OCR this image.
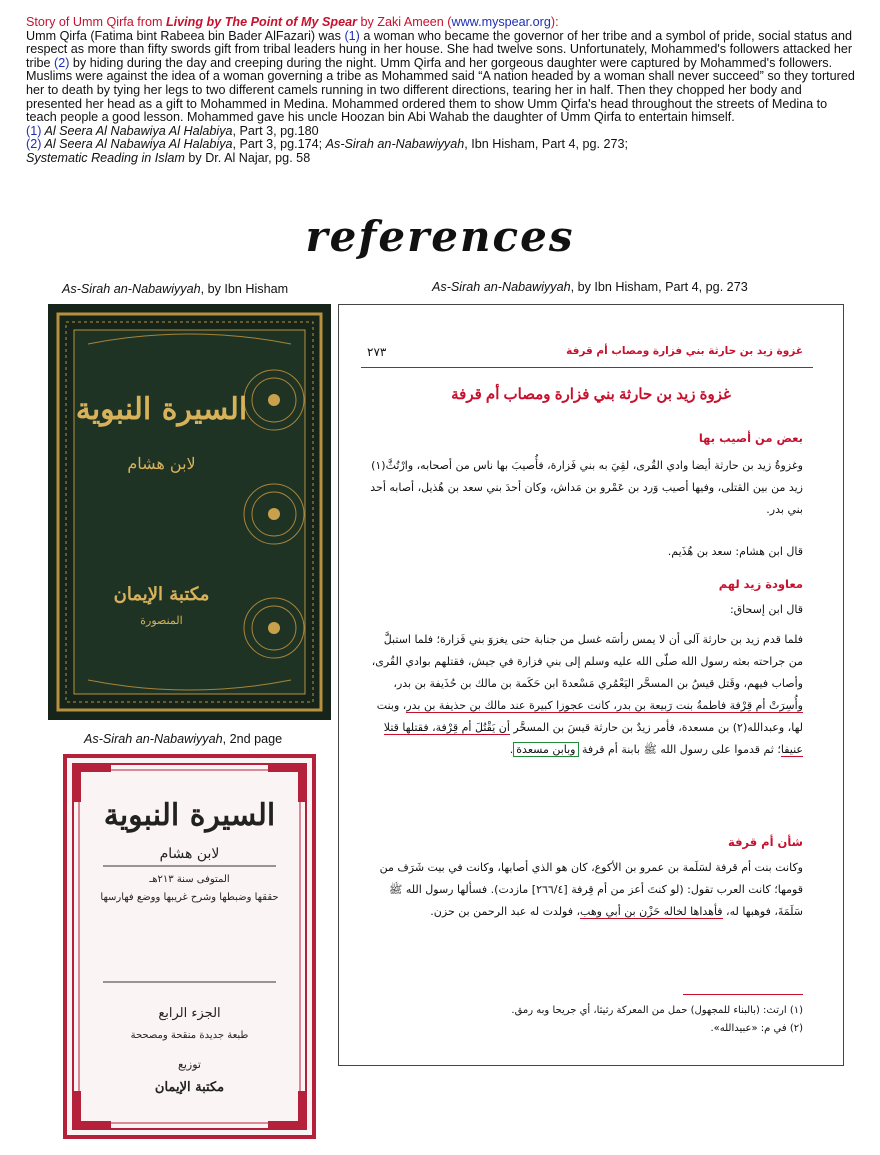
Story of Umm Qirfa from Living by The Point of My Spear by Zaki Ameen (www.myspear.org):

Umm Qirfa (Fatima bint Rabeea bin Bader AlFazari) was (1) a woman who became the governor of her tribe and a symbol of pride, social status and respect as more than fifty swords gift from tribal leaders hung in her house. She had twelve sons. Unfortunately, Mohammed's followers attacked her tribe (2) by hiding during the day and creeping during the night. Umm Qirfa and her gorgeous daughter were captured by Mohammed's followers. Muslims were against the idea of a woman governing a tribe as Mohammed said “A nation headed by a woman shall never succeed” so they tortured her to death by tying her legs to two different camels running in two different directions, tearing her in half. Then they chopped her body and presented her head as a gift to Mohammed in Medina. Mohammed ordered them to show Umm Qirfa's head throughout the streets of Medina to teach people a good lesson. Mohammed gave his uncle Hoozan bin Abi Wahab the daughter of Umm Qirfa to entertain himself.

(1) Al Seera Al Nabawiya Al Halabiya, Part 3, pg.180

(2) Al Seera Al Nabawiya Al Halabiya, Part 3, pg.174; As-Sirah an-Nabawiyyah, Ibn Hisham, Part 4, pg. 273;

Systematic Reading in Islam by Dr. Al Najar, pg. 58

references
As-Sirah an-Nabawiyyah, by Ibn Hisham	As-Sirah an-Nabawiyyah, by Ibn Hisham, Part 4, pg. 273
As-Sirah an-Nabawiyyah, 2nd page
السيرة النبوية
لابن هشام
مكتبة الإيمان
المنصورة
السيرة النبوية
لابن هشام
المتوفى سنة ٢١٣هـ
حققها وضبطها وشرح غريبها ووضع فهارسها
الجزء الرابع
طبعة جديدة منقحة ومصححة
توزيع
مكتبة الإيمان
غزوة زيد بن حارثة بني فزارة ومصاب أم قرفة
٢٧٣
غزوة زيد بن حارثة بني فزارة ومصاب أم قرفة
بعض من أصيب بها
وغزوةُ زيد بن حارثة أيضا وادي القُرى، لقِيَ به بني فَزارة، فأُصيبَ بها ناس من أصحابه، وارْتُثَّ(١) زيد من بين القتلى، وفيها أصيب وَرد بن عَمْرو بن مَداش، وكان أحدَ بني سعد بن هُذيل، أصابه أحد بني بدر.
قال ابن هشام: سعد بن هُذَيم.
معاودة زيد لهم
قال ابن إسحاق:
فلما قدم زيد بن حارثة آلى أن لا يمس رأسَه غسل من جنابة حتى يغزوَ بني فَزارة؛ فلما استبلَّ من جراحته بعثه رسول الله صلّى الله عليه وسلم إلى بني فزارة في جيش، فقتلهم بوادي القُرى، وأصاب فيهم، وقَتل قيسُ بن المسحَّر اليَعْمُري مَسْعدةَ ابن حَكَمة بن مالك بن حُذَيفة بن بدر، وأُسِرَتْ أم قِرْفة فاطمةُ بنت رَبيعة بن بدر، كانت عجوزا كبيرة عند مالك بن حذيفة بن بدر، وبنت لها، وعبدالله(٢) بن مسعدة، فأمر زيدٌ بن حارثة قيسَ بن المسحَّر أن يَقْتُلَ أم قِرْفة، فقتلها قتلا عنيفا؛ ثم قدموا على رسول الله ﷺ بابنة أم قرفة وبابن مسعدة.
شأن أم قرفة
وكانت بنت أم قرفة لسَلَمة بن عمرو بن الأكوع، كان هو الذي أصابها، وكانت في بيت شَرَف من قومها؛ كانت العرب تقول: (لو كنتَ أعز من أم قِرفة [٢٦٦/٤] مازدت). فسألها رسول الله ﷺ سَلَمَةَ، فوهبها له، فأهداها لخاله حَزْن بن أبي وهب، فولدت له عبد الرحمن بن حزن.
(١) ارتث: (بالبناء للمجهول) حمل من المعركة رثيثا، أي جريحا وبه رمق.
(٢) في م: «عبيدالله».
